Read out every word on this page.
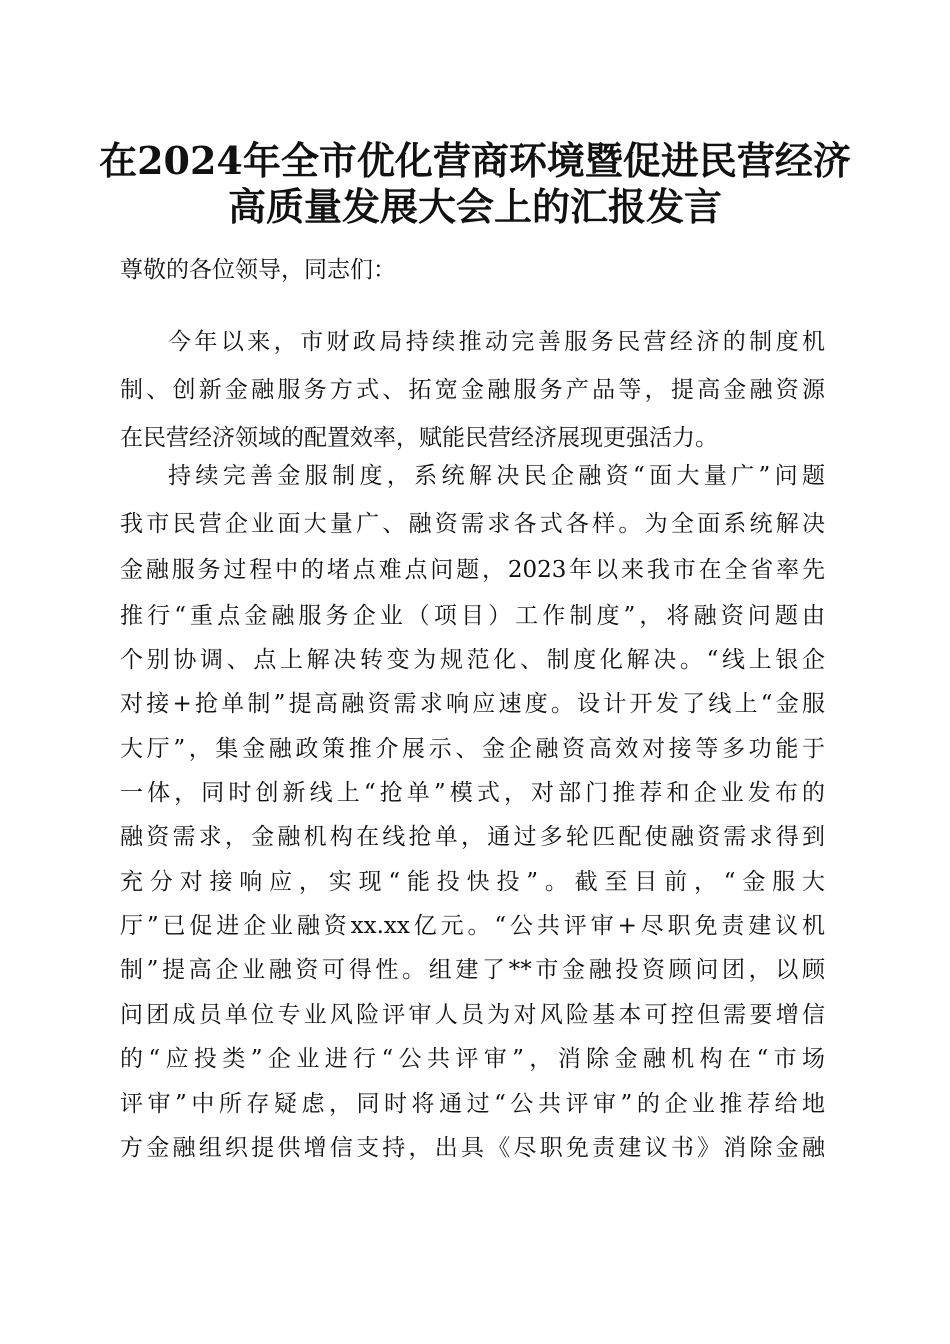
在2024年全市优化营商环境暨促进民营经济
高质量发展大会上的汇报发言
尊敬的各位领导，同志们：
今年以来，市财政局持续推动完善服务民营经济的制度机
制、创新金融服务方式、拓宽金融服务产品等，提高金融资源
在民营经济领域的配置效率，赋能民营经济展现更强活力。
持续完善金服制度，系统解决民企融资“面大量广”问题
我市民营企业面大量广、融资需求各式各样。为全面系统解决
金融服务过程中的堵点难点问题，2023年以来我市在全省率先
推行“重点金融服务企业（项目）工作制度”，将融资问题由
个别协调、点上解决转变为规范化、制度化解决。“线上银企
对接+抢单制”提高融资需求响应速度。设计开发了线上“金服
大厅”，集金融政策推介展示、金企融资高效对接等多功能于
一体，同时创新线上“抢单”模式，对部门推荐和企业发布的
融资需求，金融机构在线抢单，通过多轮匹配使融资需求得到
充分对接响应，实现“能投快投”。截至目前，“金服大
厅”已促进企业融资xx.xx亿元。“公共评审+尽职免责建议机
制”提高企业融资可得性。组建了**市金融投资顾问团，以顾
问团成员单位专业风险评审人员为对风险基本可控但需要增信
的“应投类”企业进行“公共评审”，消除金融机构在“市场
评审”中所存疑虑，同时将通过“公共评审”的企业推荐给地
方金融组织提供增信支持，出具《尽职免责建议书》消除金融
